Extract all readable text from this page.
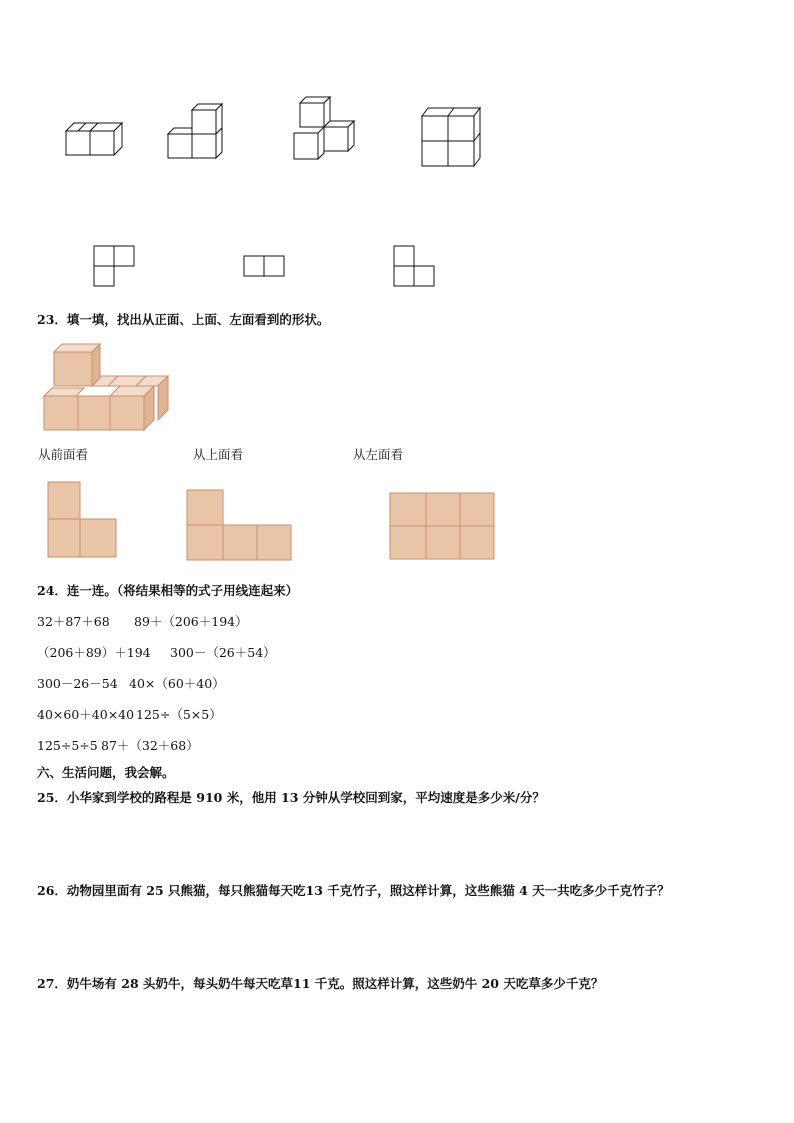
23．填一填，找出从正面、上面、左面看到的形状。
从前面看	从上面看	从左面看
24．连一连。（将结果相等的式子用线连起来）
32＋87＋68 89＋（206＋194）
（206＋89）＋194 300－（26＋54）
300－26－54 40×（60＋40）
40×60＋40×40 125÷（5×5）
125÷5÷5 87＋（32＋68）
六、生活问题，我会解。
25．小华家到学校的路程是 910 米，他用 13 分钟从学校回到家，平均速度是多少米/分？
26．动物园里面有 25 只熊猫，每只熊猫每天吃13 千克竹子，照这样计算，这些熊猫 4 天一共吃多少千克竹子？
27．奶牛场有 28 头奶牛，每头奶牛每天吃草11 千克。照这样计算，这些奶牛 20 天吃草多少千克？
